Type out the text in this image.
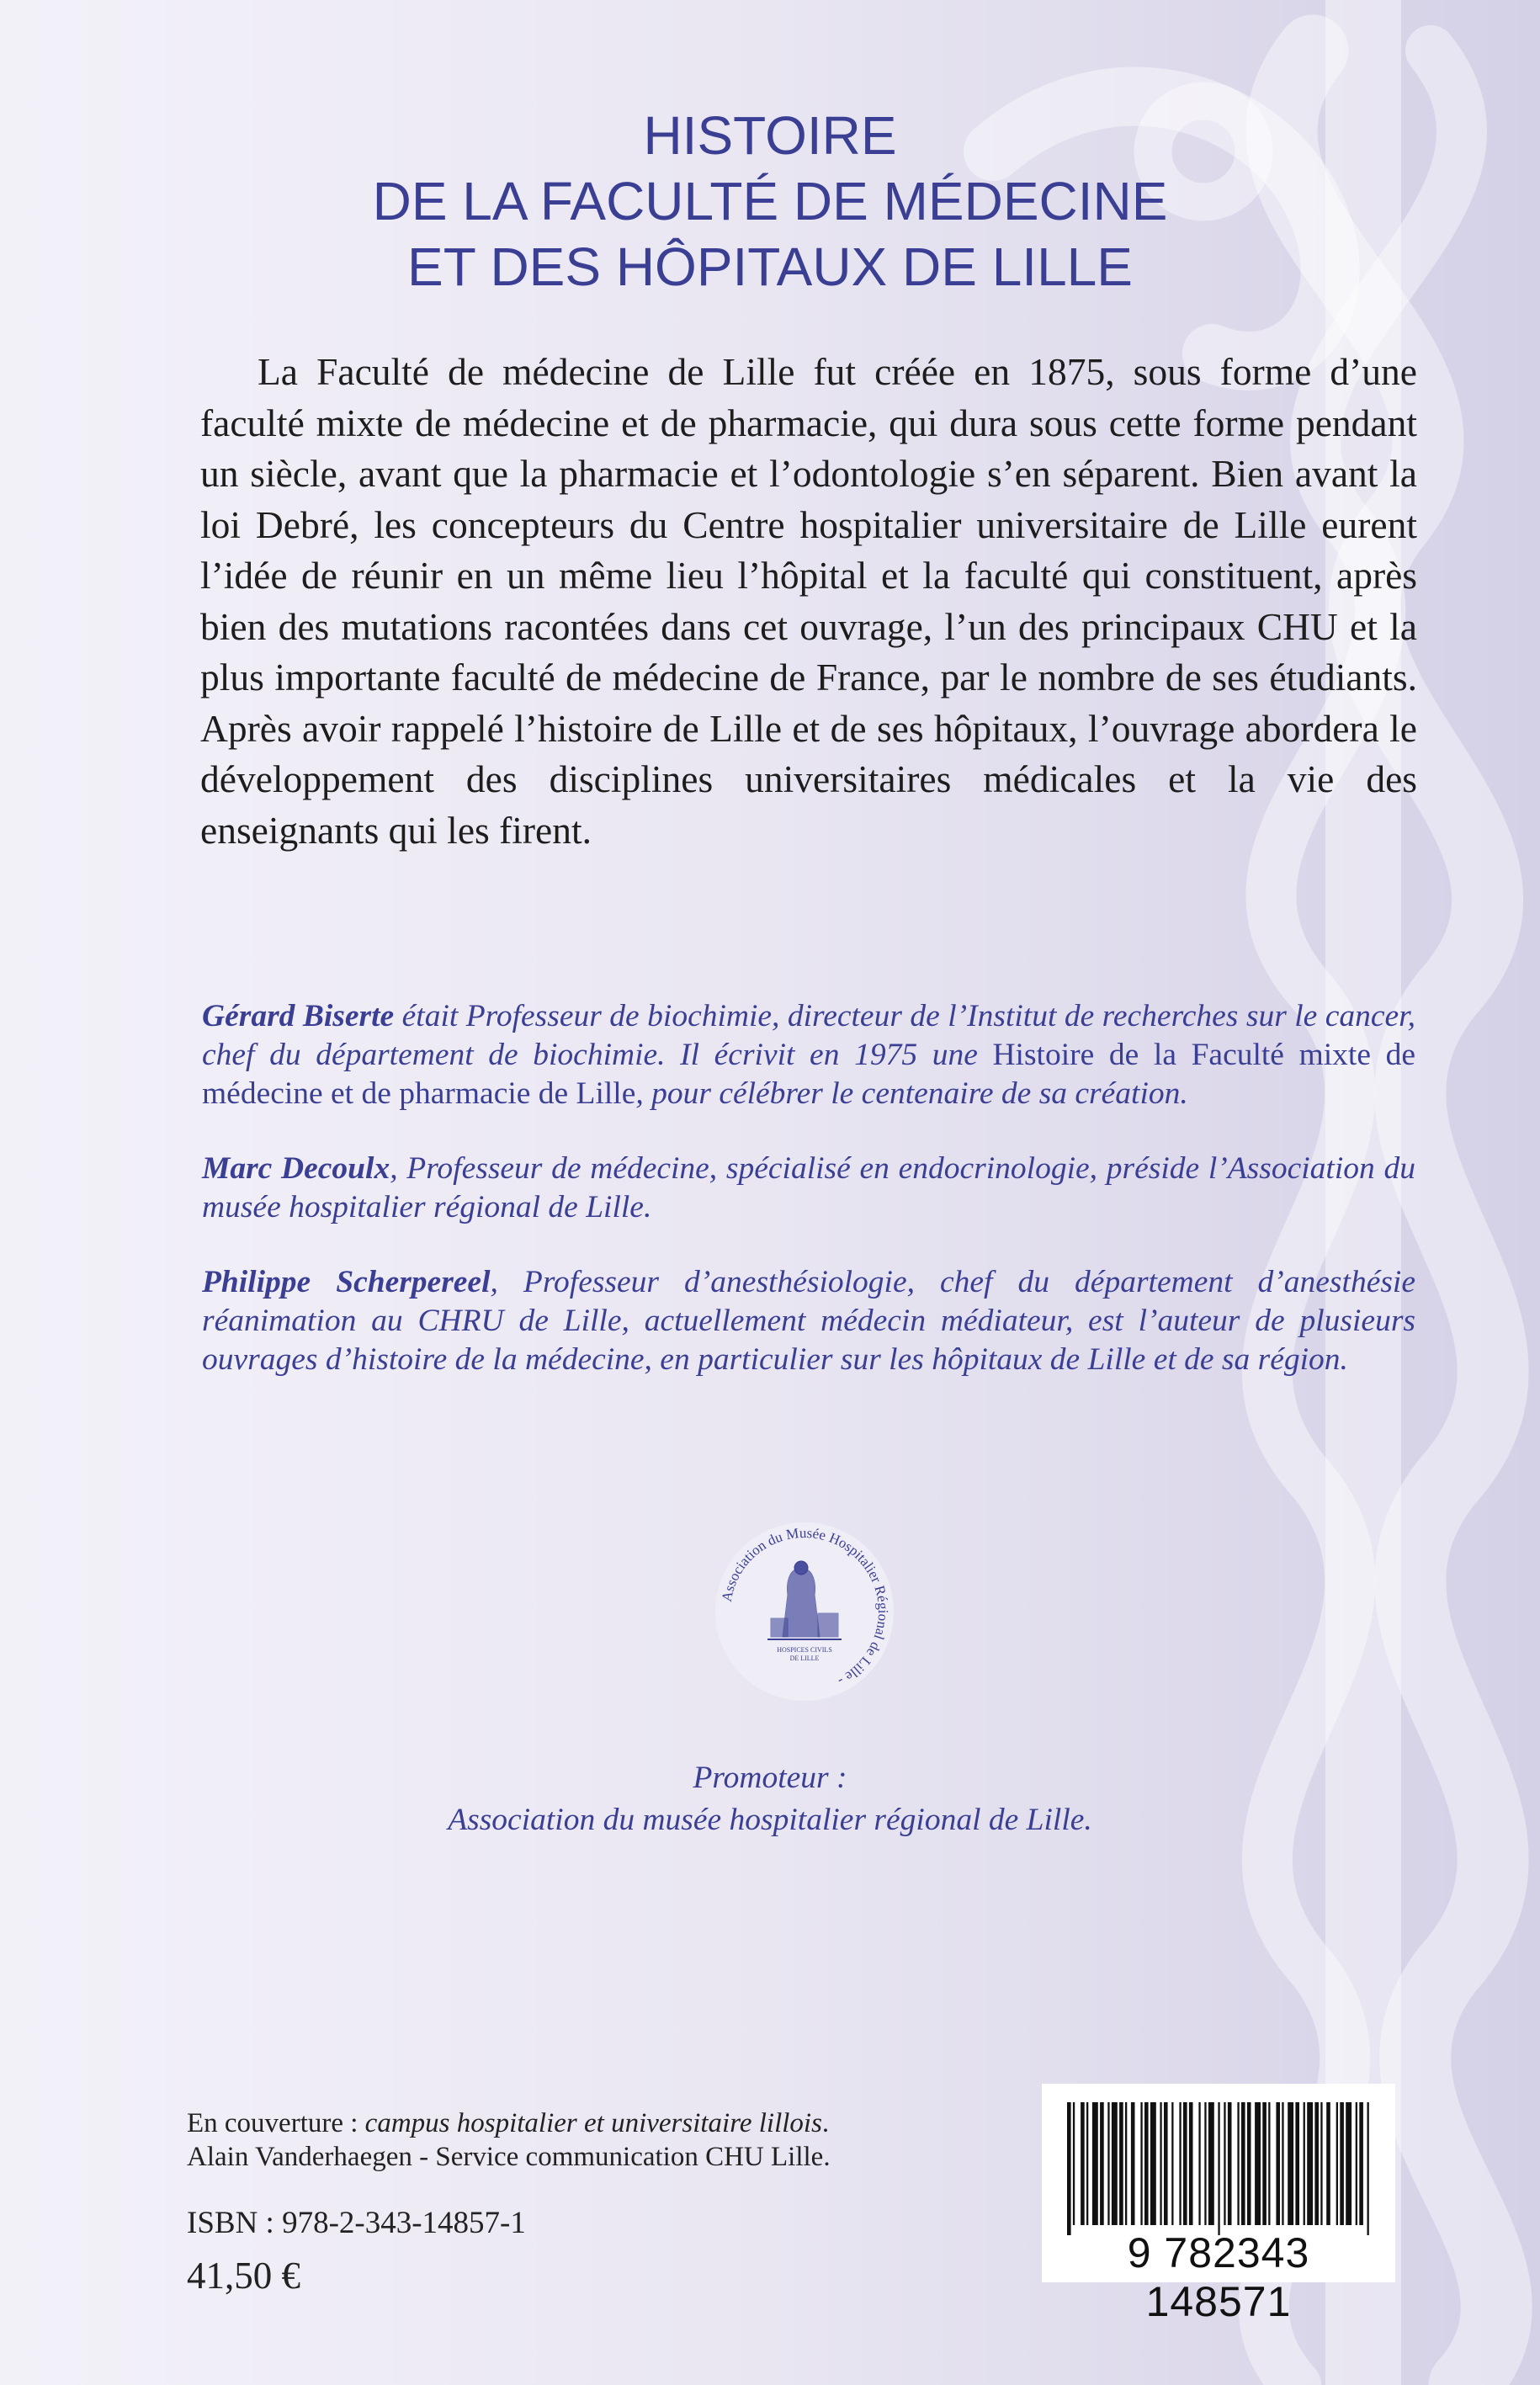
HISTOIRE
DE LA FACULTÉ DE MÉDECINE
ET DES HÔPITAUX DE LILLE

La Faculté de médecine de Lille fut créée en 1875, sous forme d’une faculté mixte de médecine et de pharmacie, qui dura sous cette forme pendant un siècle, avant que la pharmacie et l’odontologie s’en séparent. Bien avant la loi Debré, les concepteurs du Centre hospitalier universitaire de Lille eurent l’idée de réunir en un même lieu l’hôpital et la faculté qui constituent, après bien des mutations racontées dans cet ouvrage, l’un des principaux CHU et la plus importante faculté de médecine de France, par le nombre de ses étudiants. Après avoir rappelé l’histoire de Lille et de ses hôpitaux, l’ouvrage abordera le développement des disciplines universitaires médicales et la vie des enseignants qui les firent.

Gérard Biserte était Professeur de biochimie, directeur de l’Institut de recherches sur le cancer, chef du département de biochimie. Il écrivit en 1975 une Histoire de la Faculté mixte de médecine et de pharmacie de Lille, pour célébrer le centenaire de sa création.

Marc Decoulx, Professeur de médecine, spécialisé en endocrinologie, préside l’Association du musée hospitalier régional de Lille.

Philippe Scherpereel, Professeur d’anesthésiologie, chef du département d’anesthésie réanimation au CHRU de Lille, actuellement médecin médiateur, est l’auteur de plusieurs ouvrages d’histoire de la médecine, en particulier sur les hôpitaux de Lille et de sa région.

Association du Musée Hospitalier Régional de Lille -
HOSPICES CIVILS
DE LILLE
Promoteur :
Association du musée hospitalier régional de Lille.
En couverture : campus hospitalier et universitaire lillois.
Alain Vanderhaegen - Service communication CHU Lille.
ISBN : 978-2-343-14857-1
41,50 €	9 782343 148571
